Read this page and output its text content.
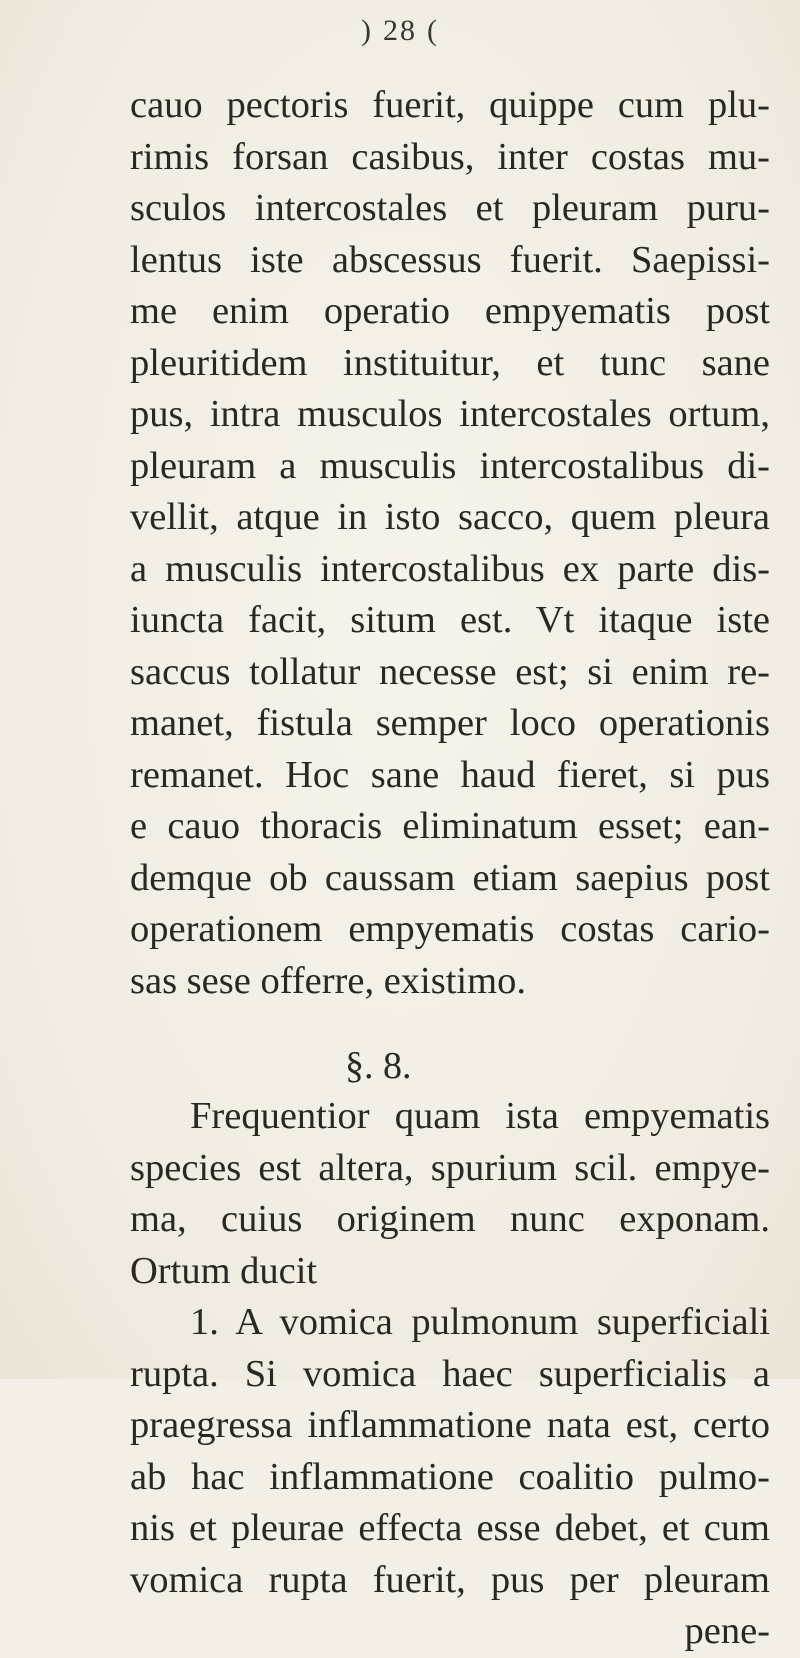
) 28 (
cauo pectoris fuerit, quippe cum plu-
rimis forsan casibus, inter costas mu-
sculos intercostales et pleuram puru-
lentus iste abscessus fuerit. Saepissi-
me enim operatio empyematis post
pleuritidem instituitur, et tunc sane
pus, intra musculos intercostales ortum,
pleuram a musculis intercostalibus di-
vellit, atque in isto sacco, quem pleura
a musculis intercostalibus ex parte dis-
iuncta facit, situm est. Vt itaque iste
saccus tollatur necesse est; si enim re-
manet, fistula semper loco operationis
remanet. Hoc sane haud fieret, si pus
e cauo thoracis eliminatum esset; ean-
demque ob caussam etiam saepius post
operationem empyematis costas cario-
sas sese offerre, existimo.
§. 8.
Frequentior quam ista empyematis
species est altera, spurium scil. empye-
ma, cuius originem nunc exponam.
Ortum ducit
1. A vomica pulmonum superficiali
rupta. Si vomica haec superficialis a
praegressa inflammatione nata est, certo
ab hac inflammatione coalitio pulmo-
nis et pleurae effecta esse debet, et cum
vomica rupta fuerit, pus per pleuram
pene-
